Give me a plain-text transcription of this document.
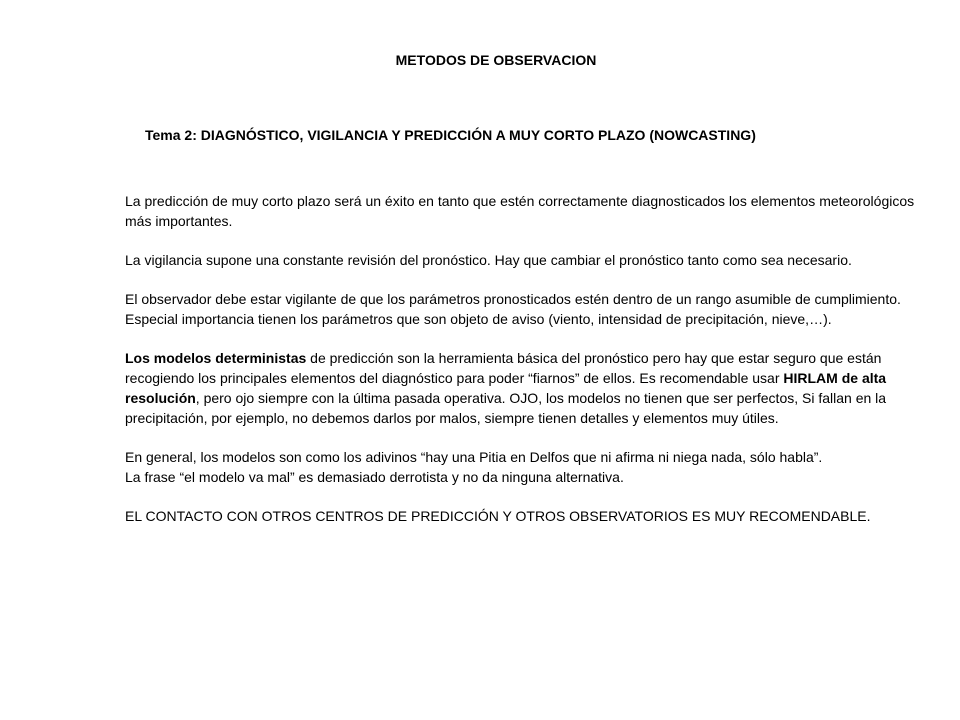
METODOS DE OBSERVACION
Tema 2: DIAGNÓSTICO, VIGILANCIA Y PREDICCIÓN A MUY CORTO PLAZO (NOWCASTING)

La predicción de muy corto plazo será un éxito en tanto que estén correctamente diagnosticados los elementos meteorológicos más importantes.

La vigilancia supone una constante revisión del pronóstico. Hay que cambiar el pronóstico tanto como sea necesario.

El observador debe estar vigilante de que los parámetros pronosticados estén dentro de un rango asumible de cumplimiento. Especial importancia tienen los parámetros que son objeto de aviso (viento, intensidad de precipitación, nieve,…).

Los modelos deterministas de predicción son la herramienta básica del pronóstico pero hay que estar seguro que están recogiendo los principales elementos del diagnóstico para poder “fiarnos” de ellos. Es recomendable usar HIRLAM de alta resolución, pero ojo siempre con la última pasada operativa. OJO, los modelos no tienen que ser perfectos, Si fallan en la precipitación, por ejemplo, no debemos darlos por malos, siempre tienen detalles y elementos muy útiles.

En general, los modelos son como los adivinos “hay una Pitia en Delfos que ni afirma ni niega nada, sólo habla”.
La frase “el modelo va mal” es demasiado derrotista y no da ninguna alternativa.

EL CONTACTO CON OTROS CENTROS DE PREDICCIÓN Y OTROS OBSERVATORIOS ES MUY RECOMENDABLE.
